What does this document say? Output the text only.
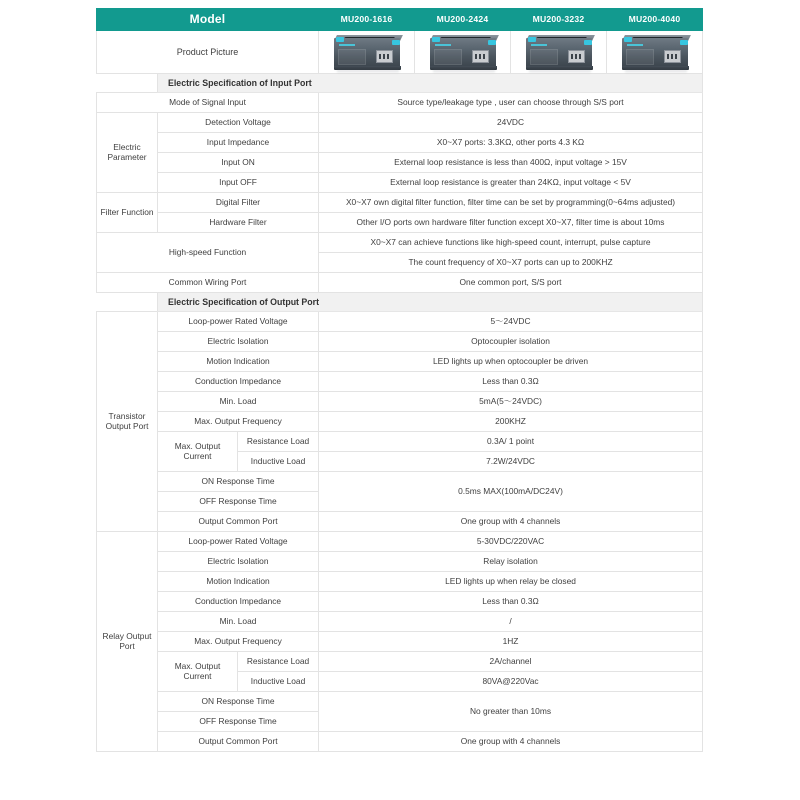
Model			MU200-1616	MU200-2424	MU200-3232	MU200-4040
Product Picture			

	Electric Specification of Input Port					
Mode of Signal Input			Source type/leakage type , user can choose through S/S port			
Electric Parameter	Detection Voltage		24VDC			
	Input Impedance		X0~X7 ports: 3.3KΩ, other ports 4.3 KΩ			
	Input ON		External loop resistance is less than 400Ω, input voltage > 15V			
	Input OFF		External loop resistance is greater than 24KΩ, input voltage < 5V			
Filter Function	Digital Filter		X0~X7 own digital filter function, filter time can be set by programming(0~64ms adjusted)			
	Hardware Filter		Other I/O ports own hardware filter function except X0~X7, filter time is about 10ms			
High-speed Function			X0~X7 can achieve functions like high-speed count, interrupt, pulse capture			
			The count frequency of X0~X7 ports can up to 200KHZ			
Common Wiring Port			One common port, S/S port			
	Electric Specification of Output Port					
Transistor Output Port	Loop-power Rated Voltage		5～24VDC			
	Electric Isolation		Optocoupler isolation			
	Motion Indication		LED lights up when optocoupler be driven			
	Conduction Impedance		Less than 0.3Ω			
	Min. Load		5mA(5～24VDC)			
	Max. Output Frequency		200KHZ			
	Max. Output Current	Resistance Load	0.3A/ 1 point			
		Inductive Load	7.2W/24VDC			
	ON Response Time		0.5ms MAX(100mA/DC24V)			
	OFF Response Time					
	Output Common Port		One group with 4 channels			
Relay Output Port	Loop-power Rated Voltage		5-30VDC/220VAC			
	Electric Isolation		Relay isolation			
	Motion Indication		LED lights up when relay be closed			
	Conduction Impedance		Less than 0.3Ω			
	Min. Load		/			
	Max. Output Frequency		1HZ			
	Max. Output Current	Resistance Load	2A/channel			
		Inductive Load	80VA@220Vac			
	ON Response Time		No greater than 10ms			
	OFF Response Time					
	Output Common Port		One group with 4 channels			
